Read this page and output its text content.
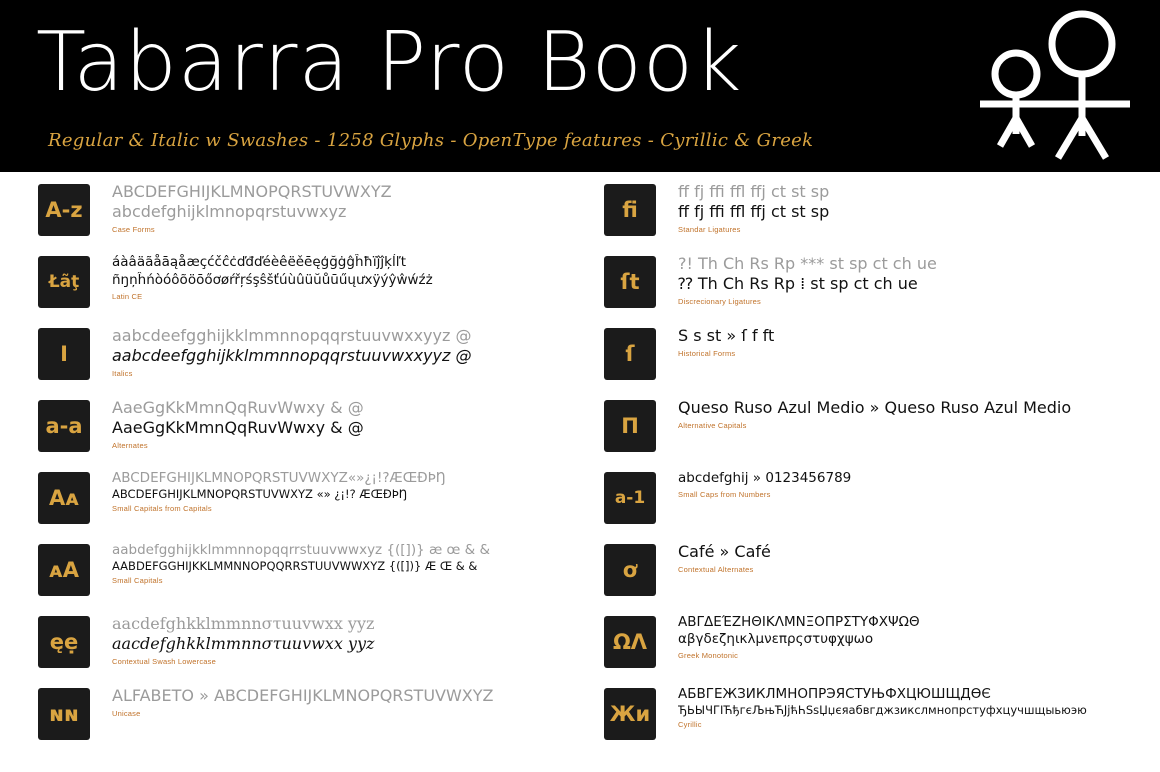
Tabarra Pro Book
Regular & Italic w Swashes - 1258 Glyphs - OpenType features - Cyrillic & Greek
A-z
ABCDEFGHIJKLMNOPQRSTUVWXYZ
abcdefghijklmnopqrstuvwxyz
Case Forms
Łãţ
áàâäãåāąåæçćčĉċďđďéèêëěēęģğġĝĥħïĵĵķĺľt
ñŋņĥńòóôõöōőơøŕřŗśşŝšťúùûüŭůūűųưxÿýŷŵẃźż
Latin CE
I
aabcdeefgghijkklmmnnopqqrstuuvwxxyyz @
aabcdeefgghijkklmmnnopqqrstuuvwxxyyz @
Italics
a-a
AaeGgKkMmnQqRuvWwxy & @
AaeGgKkMmnQqRuvWwxy & @
Alternates
Aᴀ
ABCDEFGHIJKLMNOPQRSTUVWXYZ«»¿¡!?ÆŒÐÞŊ
ABCDEFGHIJKLMNOPQRSTUVWXYZ «» ¿¡!? ÆŒÐÞŊ
Small Capitals from Capitals
ᴀA
aabdefgghijkklmmnnopqqrrstuuvwwxyz {([])} æ œ & &
AABDEFGGHIJKKLMMNNOPQQRRSTUUVWWXYZ {([])} Æ Œ & &
Small Capitals
ęẹ
aacdefghkklmmnnστuuvwxx yyz
aacdefghkklmmnnστuuvwxx yyz
Contextual Swash Lowercase
ɴɴ
ALFABETO » ABCDEFGHIJKLMNOPQRSTUVWXYZ
Unicase
fi
ff fj ffi ffl ffj ct st sp
ff fj ffi ffl ffj ct st sp
Standar Ligatures
ſt
?! Th Ch Rs Rp *** st sp ct ch ue
⁇ Th Ch Rs Rp ⁞ st sp ct ch ue
Discrecionary Ligatures
ſ
S s st » ſ f ft
Historical Forms
Π
Queso Ruso Azul Medio » Queso Ruso Azul Medio
Alternative Capitals
a-1
abcdefghij » 0123456789
Small Caps from Numbers
ơ
Café » Café
Contextual Alternates
ΩΛ
ΑΒΓΔΕΈΖΗΘΙΚΛΜΝΞΟΠΡΣΤΥΦΧΨΩΘ
αβγδεζηικλμνεπρςστυφχψωο
Greek Monotonic
Жи
АБВГЕЖЗИКЛМНОПРЭЯСТУЊФХЦЮШЩДѲЄ
ЂЬЫЧГІЋђгєЉњЋЈјћҺSsЏџєяабвгджзикслмнопрстуфхцучшщыьюэю
Cyrillic
